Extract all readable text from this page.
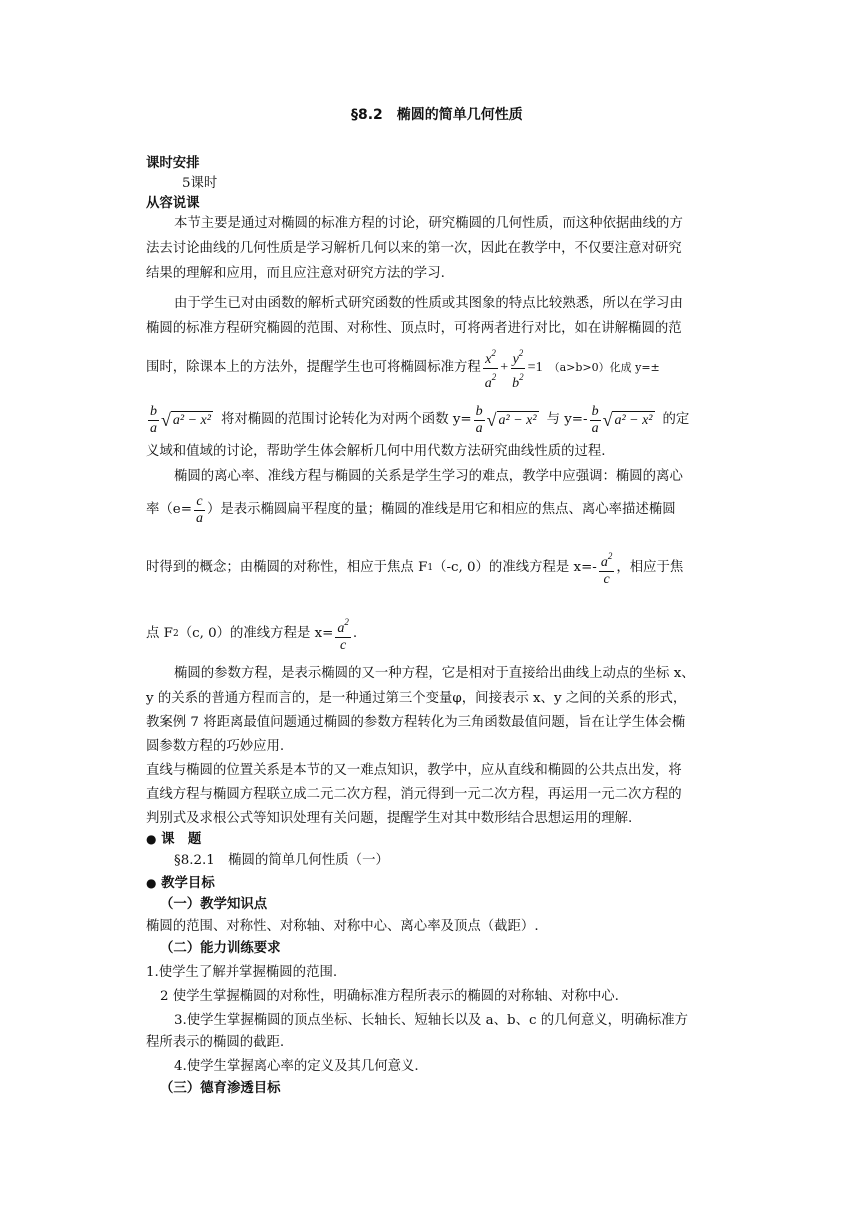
§8.2　椭圆的简单几何性质
课时安排
5课时
从容说课
本节主要是通过对椭圆的标准方程的讨论，研究椭圆的几何性质，而这种依据曲线的方
法去讨论曲线的几何性质是学习解析几何以来的第一次，因此在教学中，不仅要注意对研究
结果的理解和应用，而且应注意对研究方法的学习.
由于学生已对由函数的解析式研究函数的性质或其图象的特点比较熟悉，所以在学习由
椭圆的标准方程研究椭圆的范围、对称性、顶点时，可将两者进行对比，如在讲解椭圆的范
围时，除课本上的方法外，提醒学生也可将椭圆标准方程 $\frac{x^2}{a^2} + \frac{y^2}{b^2} =1$ （a>b>0）化成 y=±
$\frac{b}{a}$ √ a² − x² 将对椭圆的范围讨论转化为对两个函数 $y= \frac{b}{a}$ √ a² − x² 与 $y=- \frac{b}{a}$ √ a² − x² 的定
义域和值域的讨论，帮助学生体会解析几何中用代数方法研究曲线性质的过程.
椭圆的离心率、准线方程与椭圆的关系是学生学习的难点，教学中应强调：椭圆的离心
率（$e= \frac{c}{a}$ ）是表示椭圆扁平程度的量；椭圆的准线是用它和相应的焦点、离心率描述椭圆
时得到的概念；由椭圆的对称性，相应于焦点 F 1 （-c, 0）的准线方程是 $x=- \frac{a^2}{c}$ ，相应于焦
点 F 2 （c, 0）的准线方程是 $x= \frac{a^2}{c}$ .
椭圆的参数方程，是表示椭圆的又一种方程，它是相对于直接给出曲线上动点的坐标 x、
y 的关系的普通方程而言的，是一种通过第三个变量φ，间接表示 x、y 之间的关系的形式，
教案例 7 将距离最值问题通过椭圆的参数方程转化为三角函数最值问题，旨在让学生体会椭
圆参数方程的巧妙应用.
直线与椭圆的位置关系是本节的又一难点知识，教学中，应从直线和椭圆的公共点出发，将
直线方程与椭圆方程联立成二元二次方程，消元得到一元二次方程，再运用一元二次方程的
判别式及求根公式等知识处理有关问题，提醒学生对其中数形结合思想运用的理解.
● 课　题
§8.2.1　椭圆的简单几何性质（一）
● 教学目标
（一）教学知识点
椭圆的范围、对称性、对称轴、对称中心、离心率及顶点（截距）.
（二）能力训练要求
1.使学生了解并掌握椭圆的范围.
2 使学生掌握椭圆的对称性，明确标准方程所表示的椭圆的对称轴、对称中心.
3.使学生掌握椭圆的顶点坐标、长轴长、短轴长以及 a、b、c 的几何意义，明确标准方
程所表示的椭圆的截距.
4.使学生掌握离心率的定义及其几何意义.
（三）德育渗透目标
